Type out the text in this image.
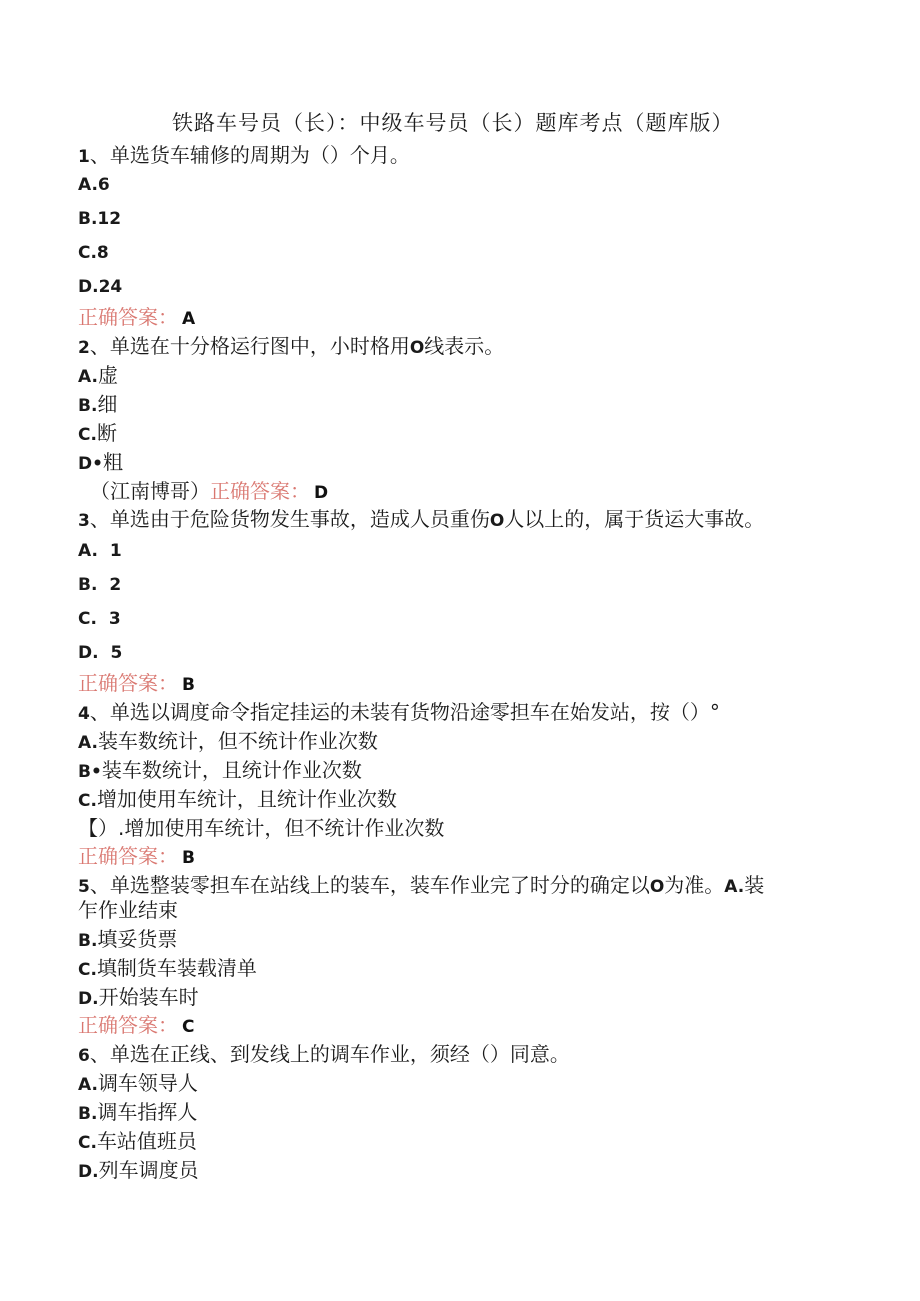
铁路车号员（长）：中级车号员（长）题库考点（题库版）
1、单选货车辅修的周期为（）个月。
A.6
B.12
C.8
D.24
正确答案： A
2、单选在十分格运行图中，小时格用O线表示。
A.虚
B.细
C.断
D•粗
（江南博哥）正确答案： D
3、单选由于危险货物发生事故，造成人员重伤O人以上的，属于货运大事故。
A. 1
B. 2
C. 3
D. 5
正确答案： B
4、单选以调度命令指定挂运的未装有货物沿途零担车在始发站，按（）°
A.装车数统计，但不统计作业次数
B•装车数统计，且统计作业次数
C.增加使用车统计，且统计作业次数
【）.增加使用车统计，但不统计作业次数
正确答案： B
5、单选整装零担车在站线上的装车，装车作业完了时分的确定以O为准。A.装
乍作业结束
B.填妥货票
C.填制货车装载清单
D.开始装车时
正确答案： C
6、单选在正线、到发线上的调车作业，须经（）同意。
A.调车领导人
B.调车指挥人
C.车站值班员
D.列车调度员
